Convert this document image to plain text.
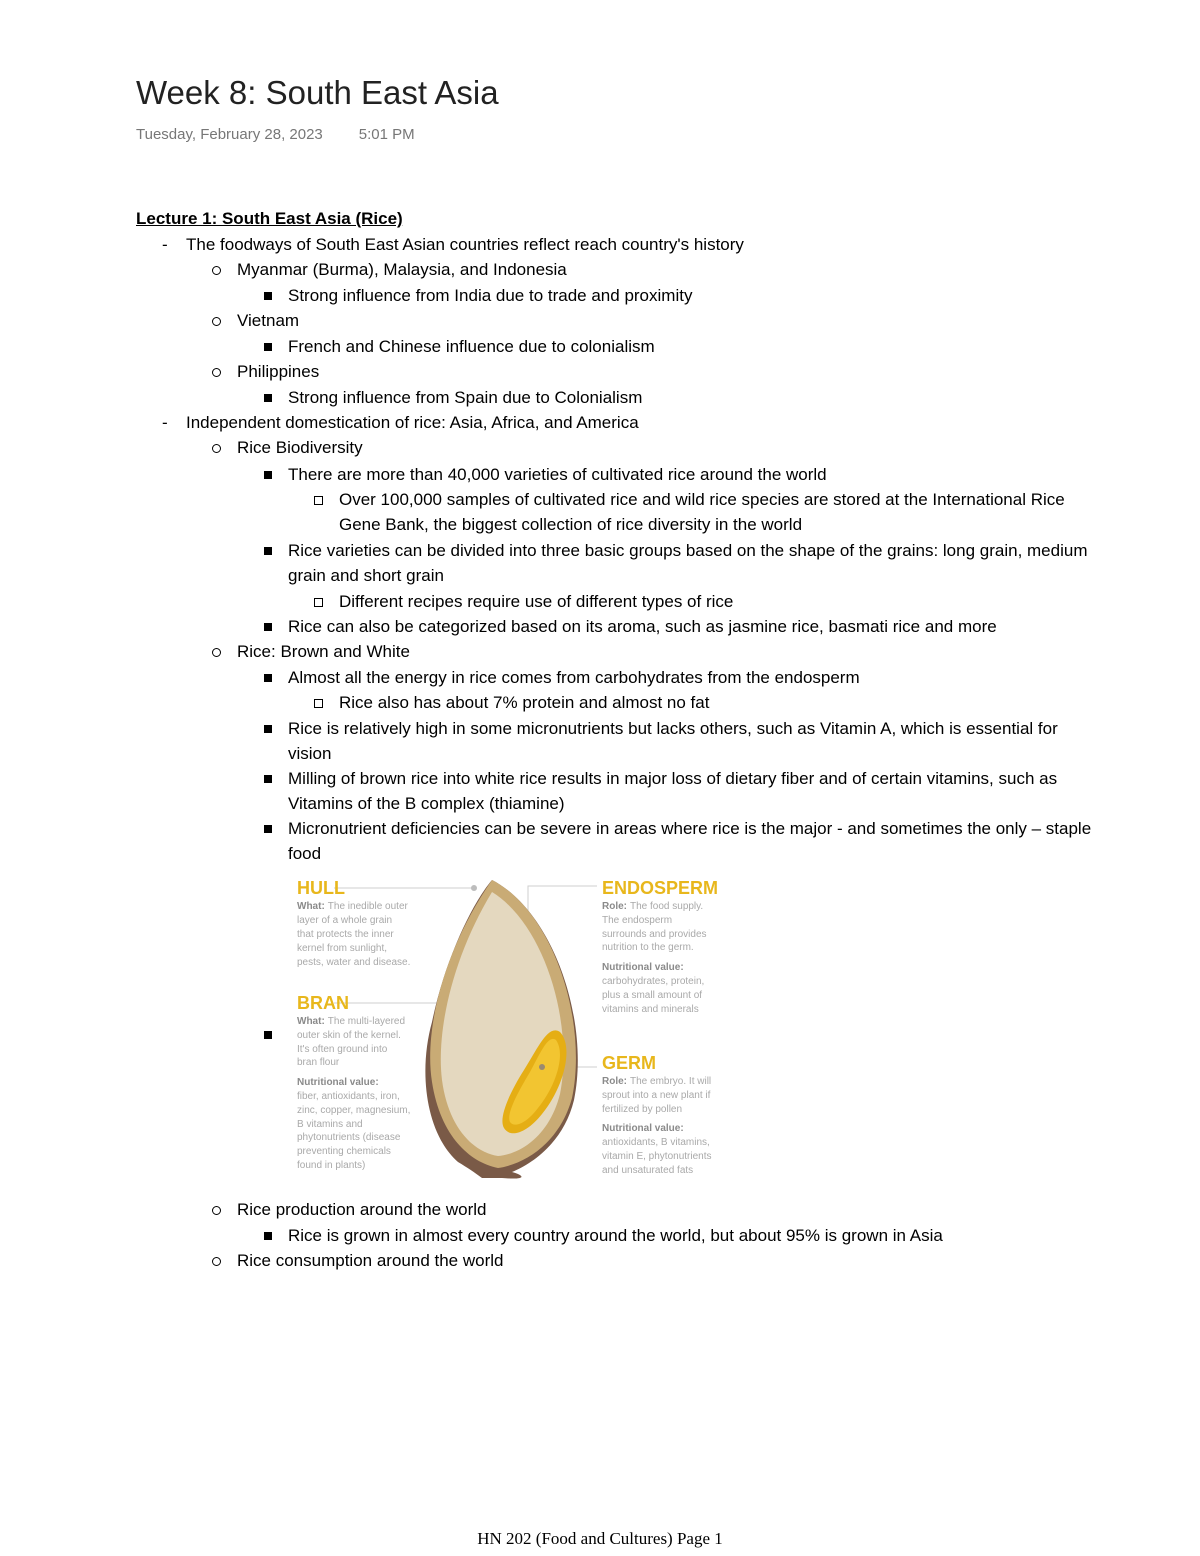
Week 8: South East Asia
Tuesday, February 28, 2023 5:01 PM
Lecture 1: South East Asia (Rice)
- The foodways of South East Asian countries reflect reach country's history
Myanmar (Burma), Malaysia, and Indonesia
Strong influence from India due to trade and proximity
Vietnam
French and Chinese influence due to colonialism
Philippines
Strong influence from Spain due to Colonialism
- Independent domestication of rice: Asia, Africa, and America
Rice Biodiversity
There are more than 40,000 varieties of cultivated rice around the world
Over 100,000 samples of cultivated rice and wild rice species are stored at the International Rice
Gene Bank, the biggest collection of rice diversity in the world
Rice varieties can be divided into three basic groups based on the shape of the grains: long grain, medium
grain and short grain
Different recipes require use of different types of rice
Rice can also be categorized based on its aroma, such as jasmine rice, basmati rice and more
Rice: Brown and White
Almost all the energy in rice comes from carbohydrates from the endosperm
Rice also has about 7% protein and almost no fat
Rice is relatively high in some micronutrients but lacks others, such as Vitamin A, which is essential for
vision
Milling of brown rice into white rice results in major loss of dietary fiber and of certain vitamins, such as
Vitamins of the B complex (thiamine)
Micronutrient deficiencies can be severe in areas where rice is the major - and sometimes the only – staple
food
Rice production around the world
Rice is grown in almost every country around the world, but about 95% is grown in Asia
Rice consumption around the world
HULL
What: The inedible outer
layer of a whole grain
that protects the inner
kernel from sunlight,
pests, water and disease.
BRAN
What: The multi-layered
outer skin of the kernel.
It's often ground into
bran flour
Nutritional value:
fiber, antioxidants, iron,
zinc, copper, magnesium,
B vitamins and
phytonutrients (disease
preventing chemicals
found in plants)
ENDOSPERM
Role: The food supply.
The endosperm
surrounds and provides
nutrition to the germ.
Nutritional value:
carbohydrates, protein,
plus a small amount of
vitamins and minerals
GERM
Role: The embryo. It will
sprout into a new plant if
fertilized by pollen
Nutritional value:
antioxidants, B vitamins,
vitamin E, phytonutrients
and unsaturated fats
HN 202 (Food and Cultures) Page 1
